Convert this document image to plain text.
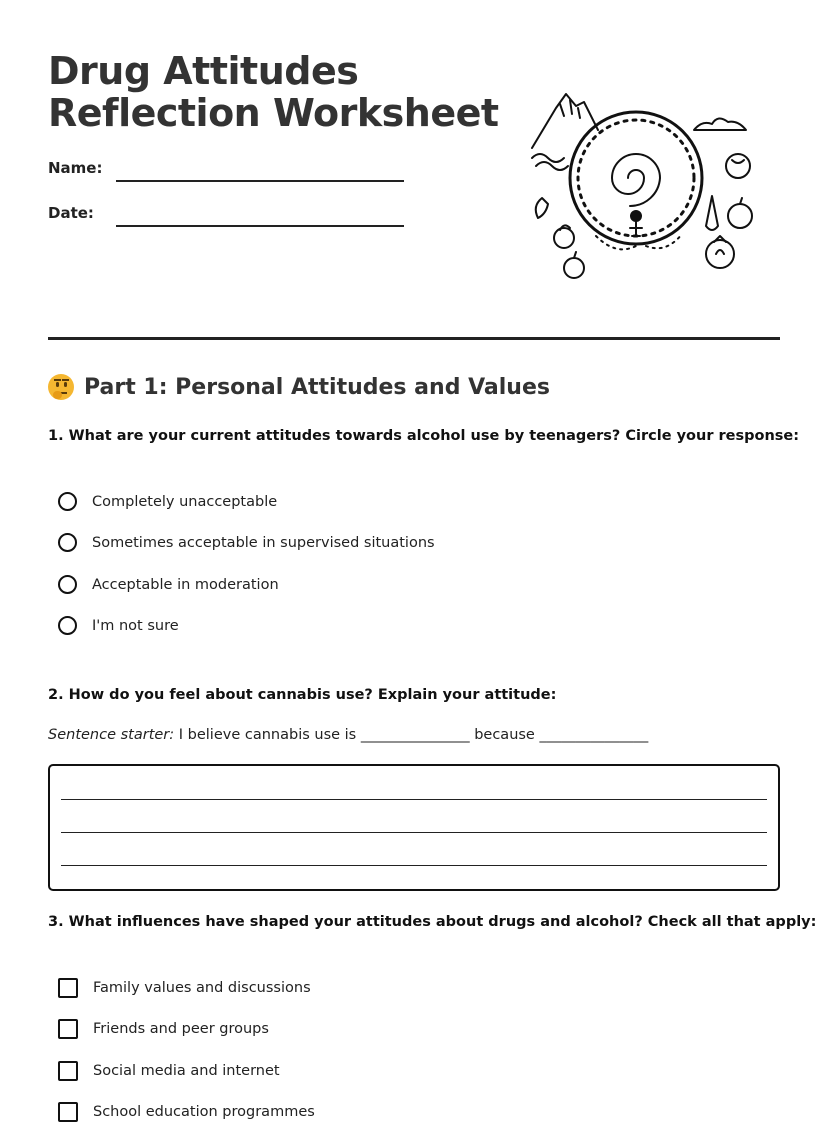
Drug Attitudes
Reflection Worksheet
Name:
Date:
Part 1: Personal Attitudes and Values

1. What are your current attitudes towards alcohol use by teenagers? Circle your response:

Completely unacceptable
Sometimes acceptable in supervised situations
Acceptable in moderation
I'm not sure

2. How do you feel about cannabis use? Explain your attitude:

Sentence starter: I believe cannabis use is _______________ because _______________

3. What influences have shaped your attitudes about drugs and alcohol? Check all that apply:

Family values and discussions
Friends and peer groups
Social media and internet
School education programmes
